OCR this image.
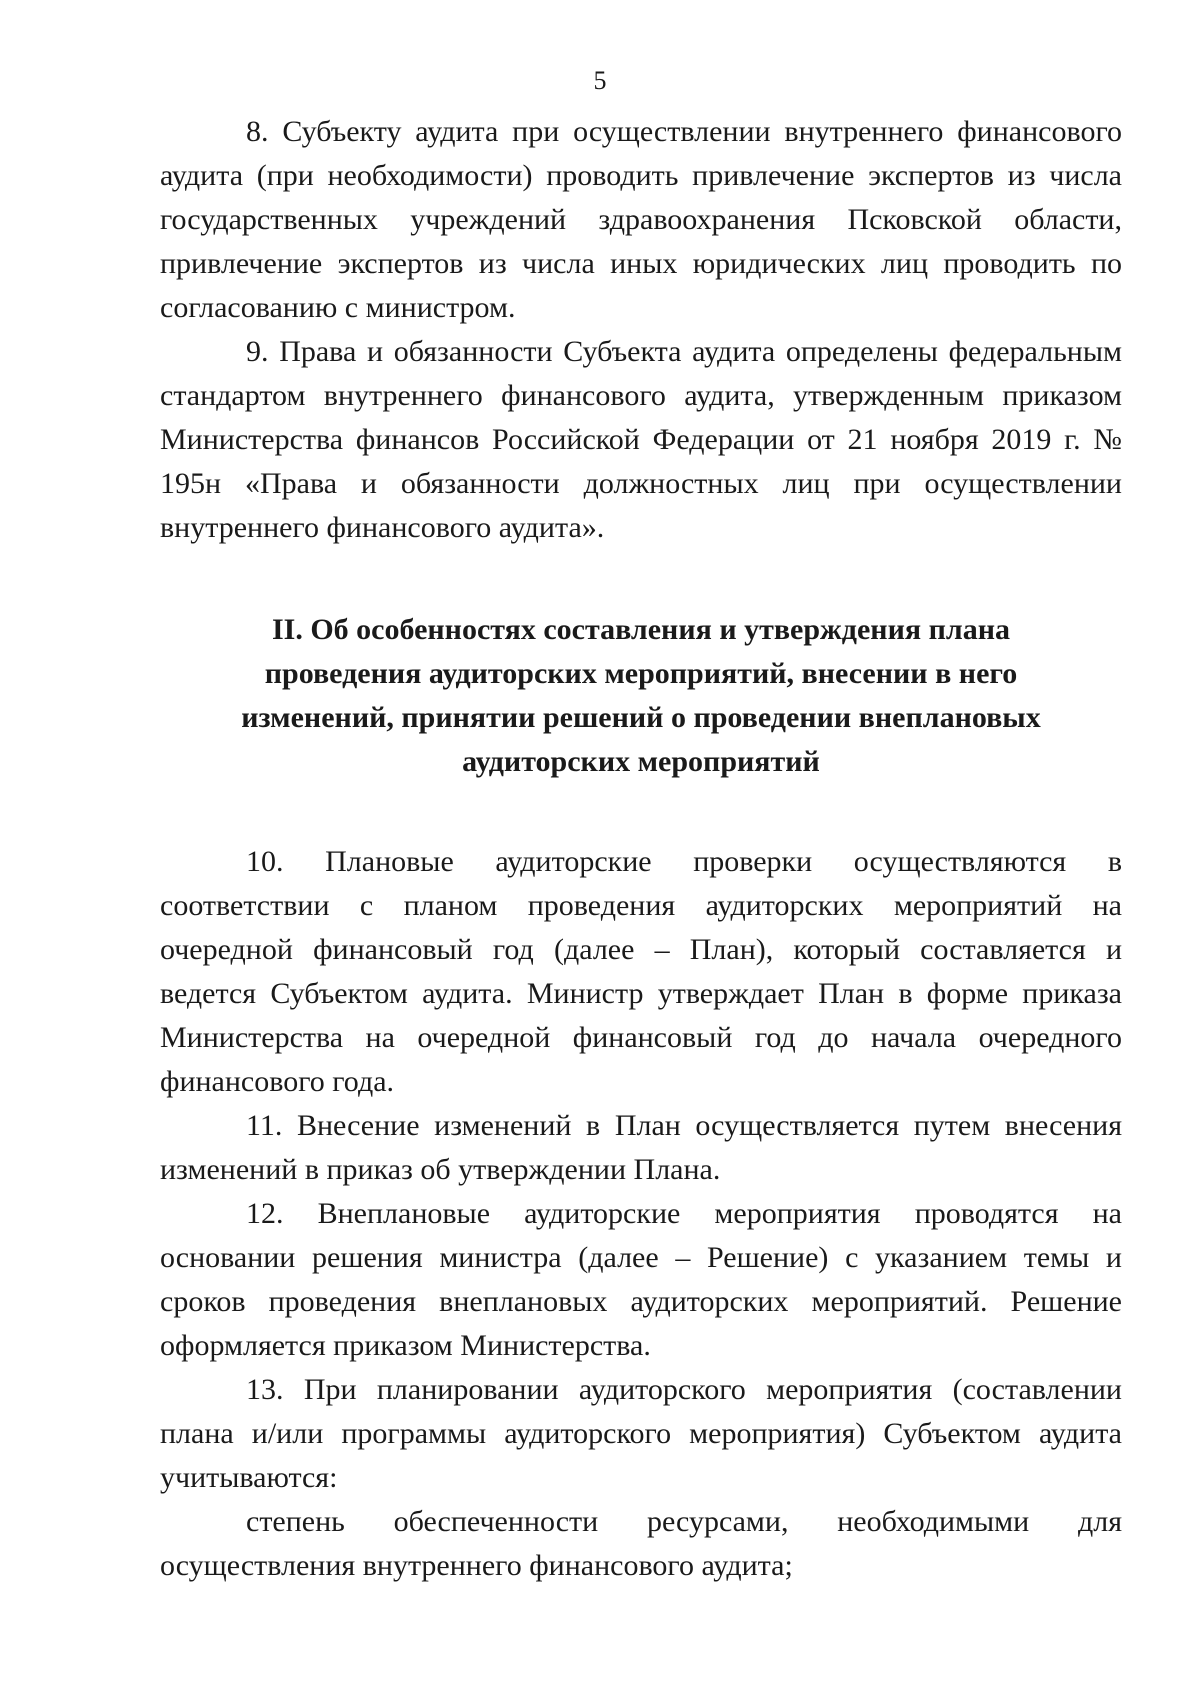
5

8. Субъекту аудита при осуществлении внутреннего финансового аудита (при необходимости) проводить привлечение экспертов из числа государственных учреждений здравоохранения Псковской области, привлечение экспертов из числа иных юридических лиц проводить по согласованию с министром.

9. Права и обязанности Субъекта аудита определены федеральным стандартом внутреннего финансового аудита, утвержденным приказом Министерства финансов Российской Федерации от 21 ноября 2019 г. № 195н «Права и обязанности должностных лиц при осуществлении внутреннего финансового аудита».

II. Об особенностях составления и утверждения плана проведения аудиторских мероприятий, внесении в него изменений, принятии решений о проведении внеплановых аудиторских мероприятий

10. Плановые аудиторские проверки осуществляются в соответствии с планом проведения аудиторских мероприятий на очередной финансовый год (далее – План), который составляется и ведется Субъектом аудита. Министр утверждает План в форме приказа Министерства на очередной финансовый год до начала очередного финансового года.

11. Внесение изменений в План осуществляется путем внесения изменений в приказ об утверждении Плана.

12. Внеплановые аудиторские мероприятия проводятся на основании решения министра (далее – Решение) с указанием темы и сроков проведения внеплановых аудиторских мероприятий. Решение оформляется приказом Министерства.

13. При планировании аудиторского мероприятия (составлении плана и/или программы аудиторского мероприятия) Субъектом аудита учитываются:

степень обеспеченности ресурсами, необходимыми для осуществления внутреннего финансового аудита;
